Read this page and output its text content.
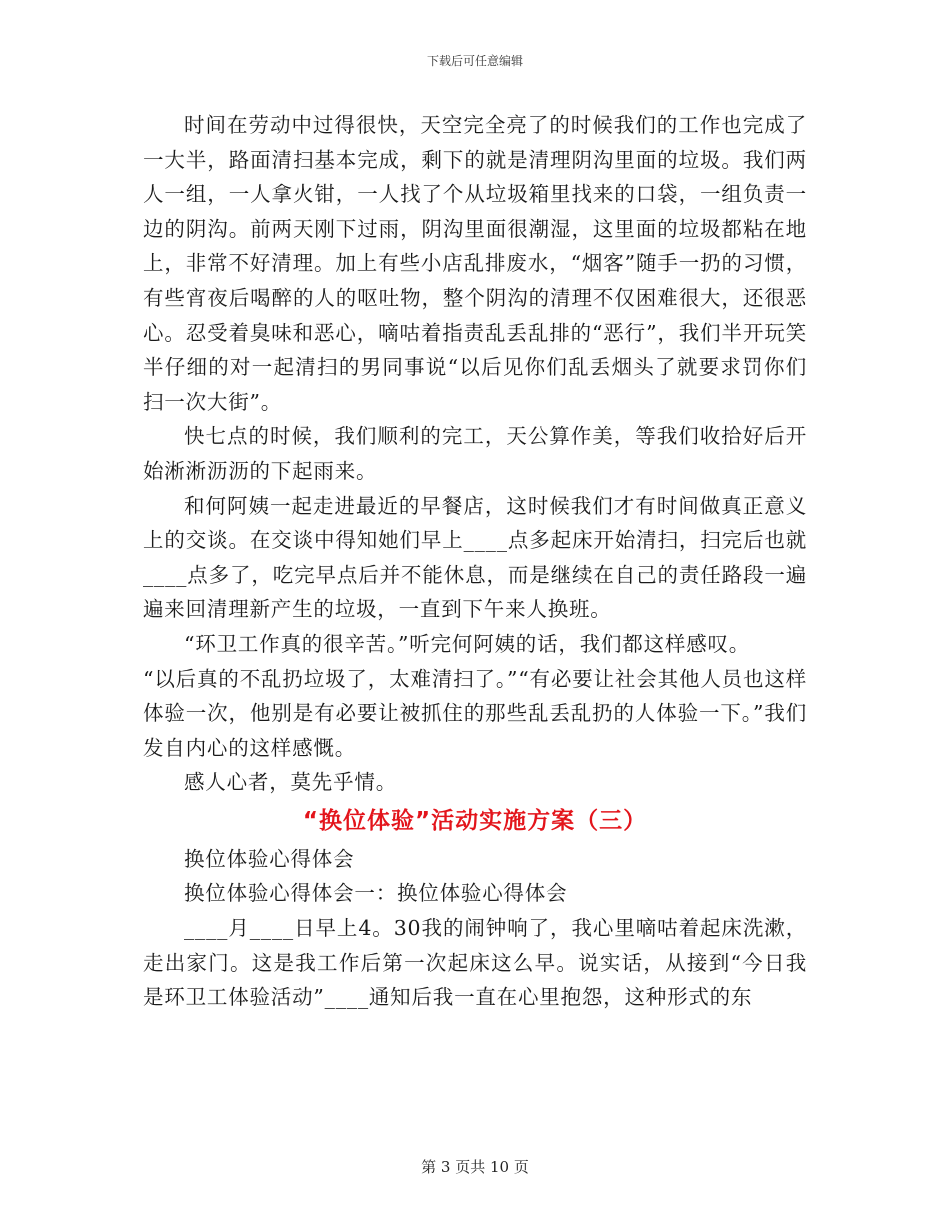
下载后可任意编辑

时间在劳动中过得很快，天空完全亮了的时候我们的工作也完成了一大半，路面清扫基本完成，剩下的就是清理阴沟里面的垃圾。我们两人一组，一人拿火钳，一人找了个从垃圾箱里找来的口袋，一组负责一边的阴沟。前两天刚下过雨，阴沟里面很潮湿，这里面的垃圾都粘在地上，非常不好清理。加上有些小店乱排废水，“烟客”随手一扔的习惯，有些宵夜后喝醉的人的呕吐物，整个阴沟的清理不仅困难很大，还很恶心。忍受着臭味和恶心，嘀咕着指责乱丢乱排的“恶行”，我们半开玩笑半仔细的对一起清扫的男同事说“以后见你们乱丢烟头了就要求罚你们扫一次大街”。

快七点的时候，我们顺利的完工，天公算作美，等我们收拾好后开始淅淅沥沥的下起雨来。

和何阿姨一起走进最近的早餐店，这时候我们才有时间做真正意义上的交谈。在交谈中得知她们早上____点多起床开始清扫，扫完后也就____点多了，吃完早点后并不能休息，而是继续在自己的责任路段一遍遍来回清理新产生的垃圾，一直到下午来人换班。

“环卫工作真的很辛苦。”听完何阿姨的话，我们都这样感叹。

“以后真的不乱扔垃圾了，太难清扫了。”“有必要让社会其他人员也这样体验一次，他别是有必要让被抓住的那些乱丢乱扔的人体验一下。”我们发自内心的这样感慨。

感人心者，莫先乎情。

“换位体验”活动实施方案（三）

换位体验心得体会

换位体验心得体会一：换位体验心得体会

____月____日早上4。30我的闹钟响了，我心里嘀咕着起床洗漱，走出家门。这是我工作后第一次起床这么早。说实话，从接到“今日我是环卫工体验活动”____通知后我一直在心里抱怨，这种形式的东

第 3 页共 10 页
